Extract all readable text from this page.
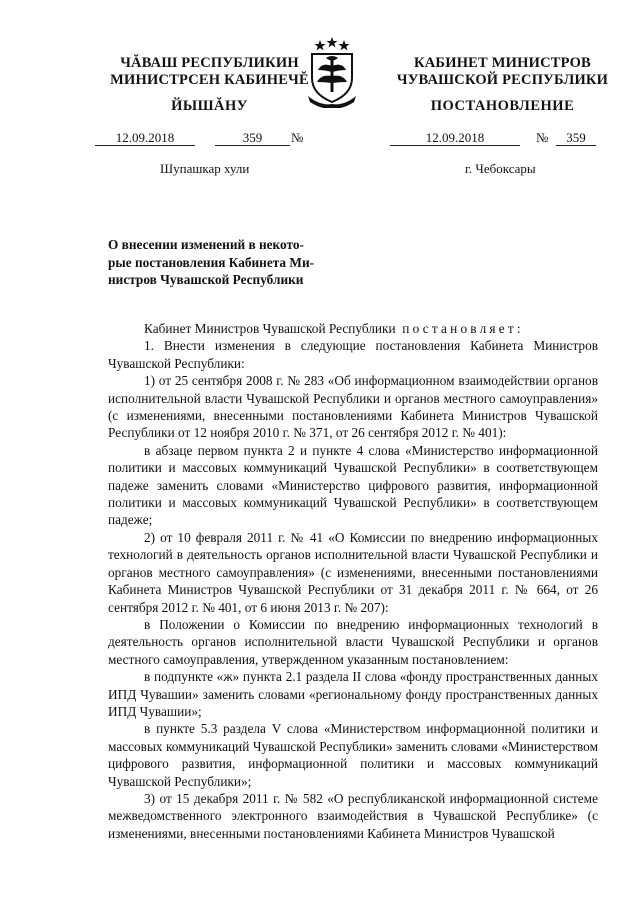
ЧĂВАШ РЕСПУБЛИКИН
МИНИСТРСЕН КАБИНЕЧĔ
ЙЫШĂНУ
КАБИНЕТ МИНИСТРОВ
ЧУВАШСКОЙ РЕСПУБЛИКИ
ПОСТАНОВЛЕНИЕ
12.09.2018	359	№	12.09.2018	№	359
Шупашкар хули	г. Чебоксары
О внесении изменений в некото-
рые постановления Кабинета Ми-
нистров Чувашской Республики

Кабинет Министров Чувашской Республики постановляет:

1. Внести изменения в следующие постановления Кабинета Министров Чувашской Республики:

1) от 25 сентября 2008 г. № 283 «Об информационном взаимодействии органов исполнительной власти Чувашской Республики и органов местного самоуправления» (с изменениями, внесенными постановлениями Кабинета Министров Чувашской Республики от 12 ноября 2010 г. № 371, от 26 сентября 2012 г. № 401):

в абзаце первом пункта 2 и пункте 4 слова «Министерство информационной политики и массовых коммуникаций Чувашской Республики» в соответствующем падеже заменить словами «Министерство цифрового развития, информационной политики и массовых коммуникаций Чувашской Республики» в соответствующем падеже;

2) от 10 февраля 2011 г. № 41 «О Комиссии по внедрению информационных технологий в деятельность органов исполнительной власти Чувашской Республики и органов местного самоуправления» (с изменениями, внесенными постановлениями Кабинета Министров Чувашской Республики от 31 декабря 2011 г. № 664, от 26 сентября 2012 г. № 401, от 6 июня 2013 г. № 207):

в Положении о Комиссии по внедрению информационных технологий в деятельность органов исполнительной власти Чувашской Республики и органов местного самоуправления, утвержденном указанным постановлением:

в подпункте «ж» пункта 2.1 раздела II слова «фонду пространственных данных ИПД Чувашии» заменить словами «региональному фонду пространственных данных ИПД Чувашии»;

в пункте 5.3 раздела V слова «Министерством информационной политики и массовых коммуникаций Чувашской Республики» заменить словами «Министерством цифрового развития, информационной политики и массовых коммуникаций Чувашской Республики»;

3) от 15 декабря 2011 г. № 582 «О республиканской информационной системе межведомственного электронного взаимодействия в Чувашской Республике» (с изменениями, внесенными постановлениями Кабинета Министров Чувашской
